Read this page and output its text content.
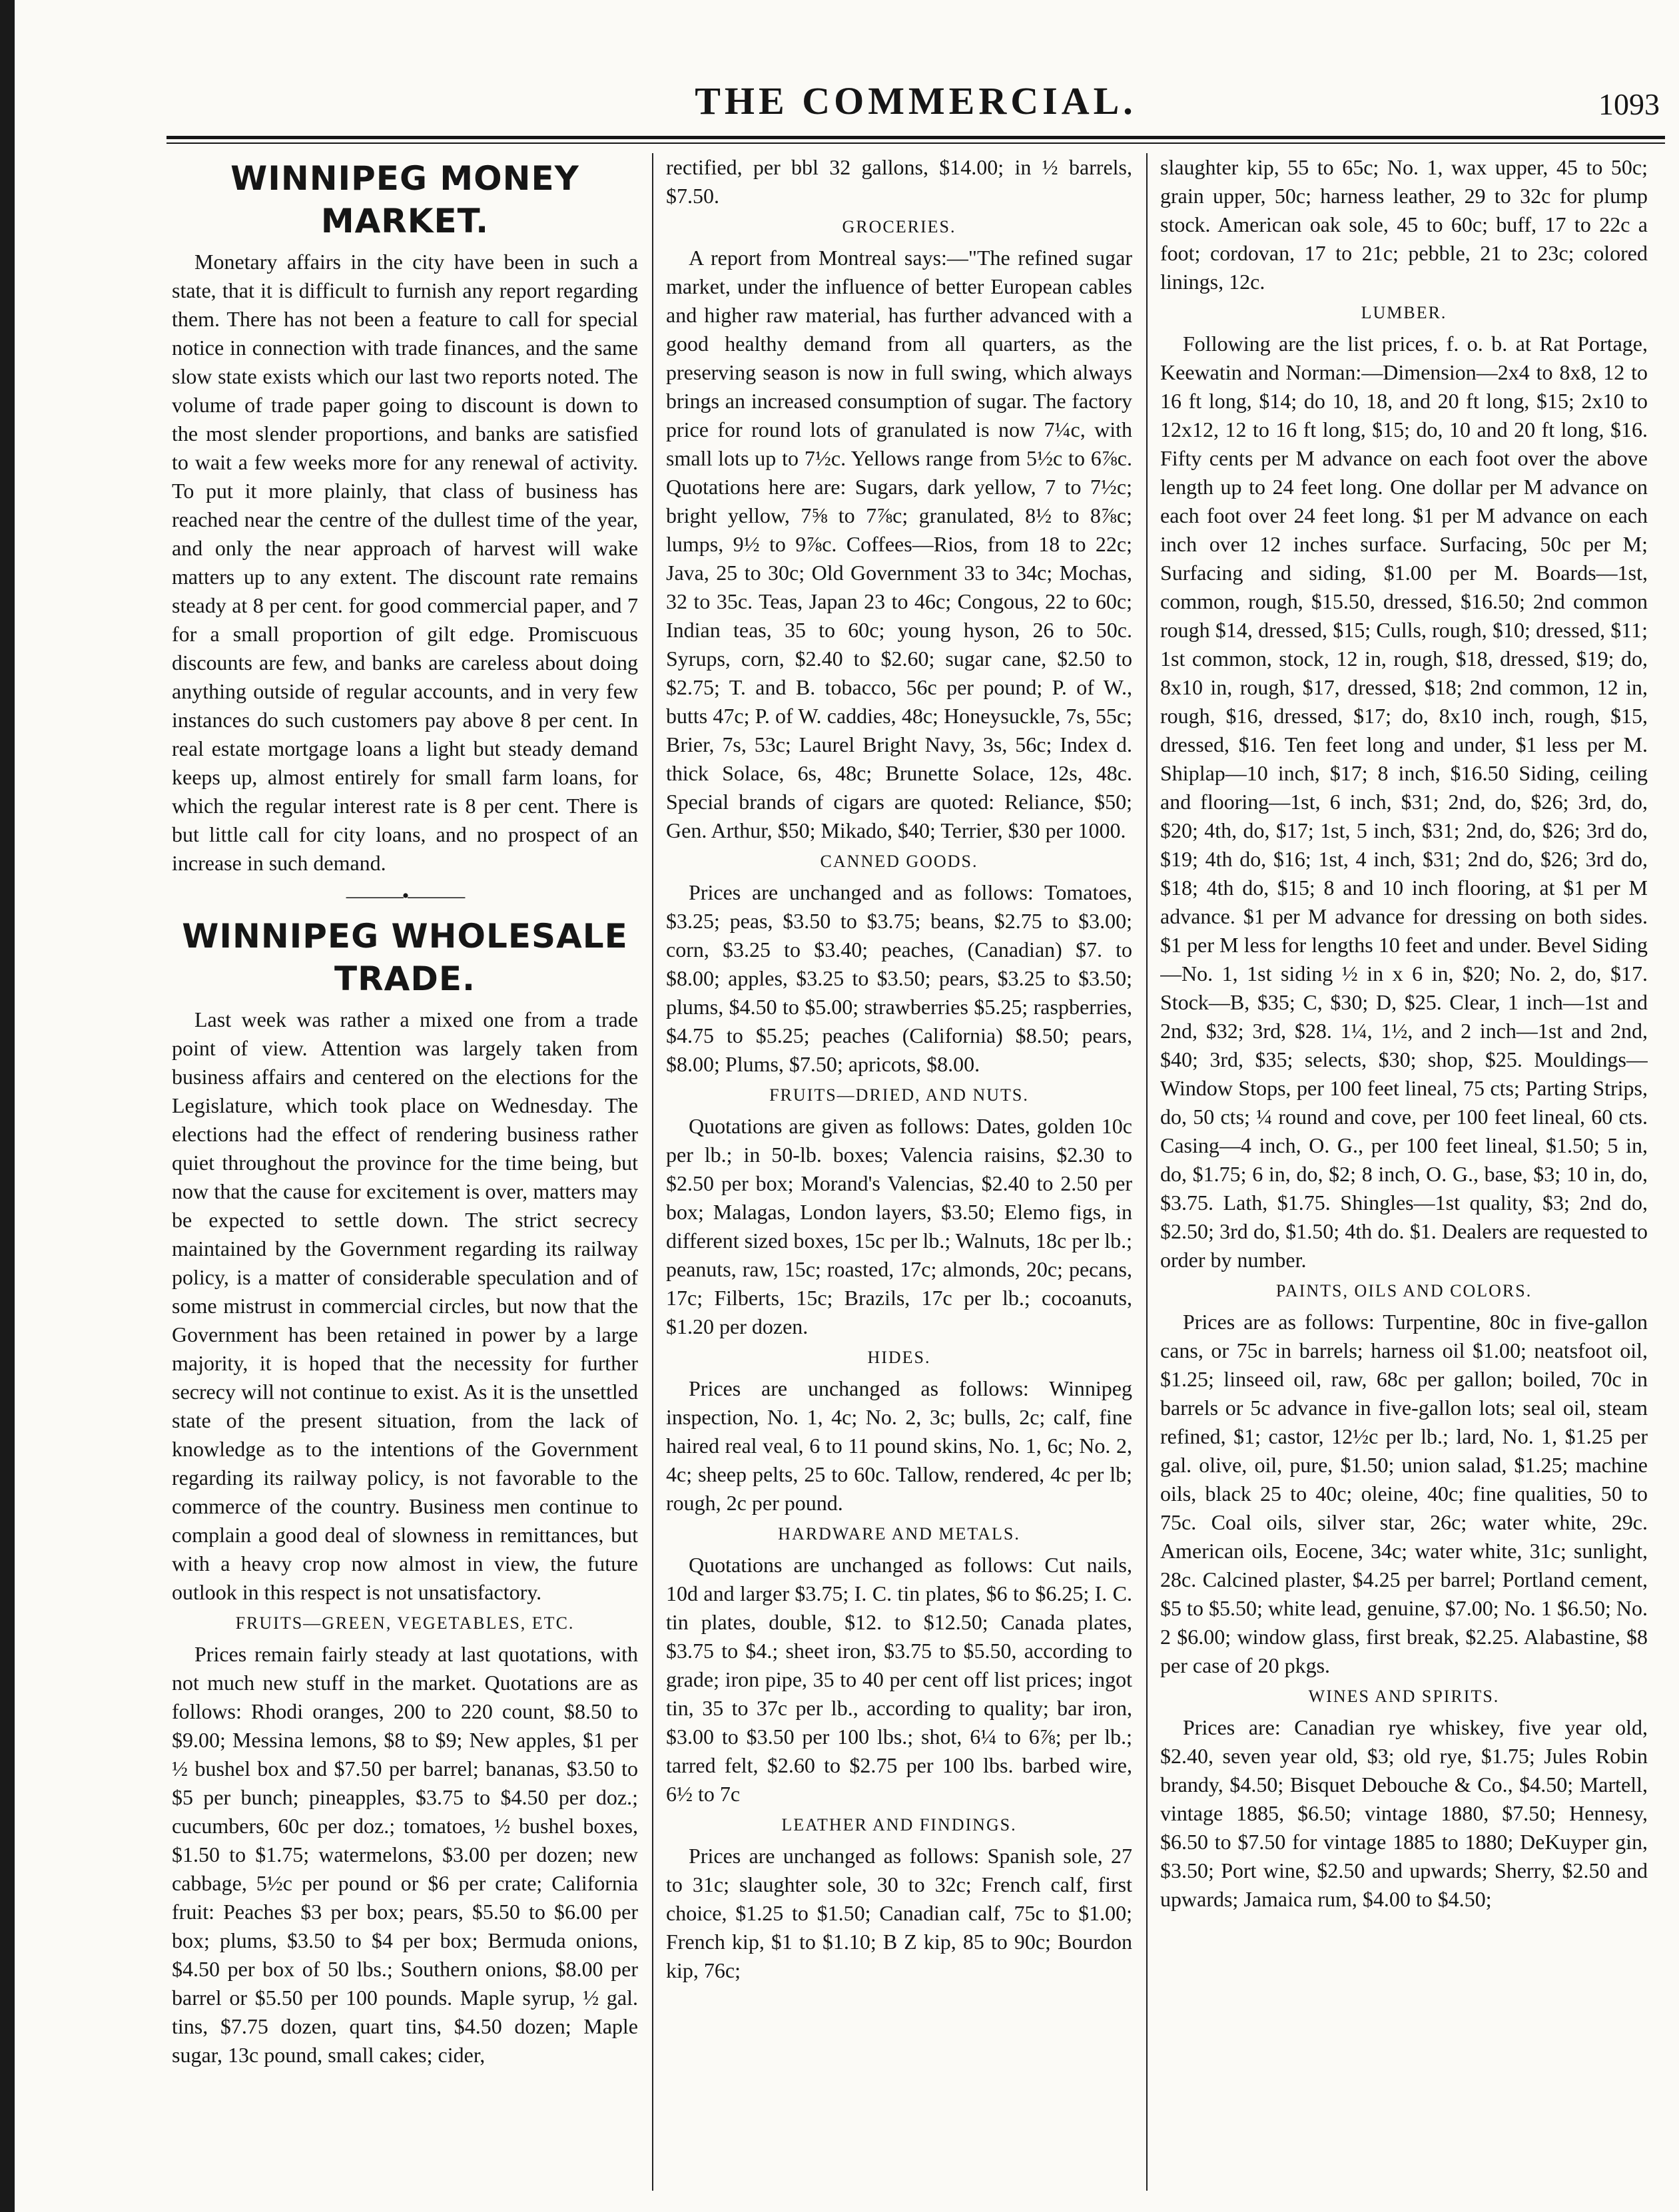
THE COMMERCIAL.	1093
WINNIPEG MONEY MARKET.

Monetary affairs in the city have been in such a state, that it is difficult to furnish any report regarding them. There has not been a feature to call for special notice in connection with trade finances, and the same slow state exists which our last two reports noted. The volume of trade paper going to discount is down to the most slender proportions, and banks are satisfied to wait a few weeks more for any renewal of activity. To put it more plainly, that class of business has reached near the centre of the dullest time of the year, and only the near approach of harvest will wake matters up to any extent. The discount rate remains steady at 8 per cent. for good commercial paper, and 7 for a small proportion of gilt edge. Promiscuous discounts are few, and banks are careless about doing anything outside of regular accounts, and in very few instances do such customers pay above 8 per cent. In real estate mortgage loans a light but steady demand keeps up, almost entirely for small farm loans, for which the regular interest rate is 8 per cent. There is but little call for city loans, and no prospect of an increase in such demand.

———•———
WINNIPEG WHOLESALE TRADE.

Last week was rather a mixed one from a trade point of view. Attention was largely taken from business affairs and centered on the elections for the Legislature, which took place on Wednesday. The elections had the effect of rendering business rather quiet throughout the province for the time being, but now that the cause for excitement is over, matters may be expected to settle down. The strict secrecy maintained by the Government regarding its railway policy, is a matter of considerable speculation and of some mistrust in commercial circles, but now that the Government has been retained in power by a large majority, it is hoped that the necessity for further secrecy will not continue to exist. As it is the unsettled state of the present situation, from the lack of knowledge as to the intentions of the Government regarding its railway policy, is not favorable to the commerce of the country. Business men continue to complain a good deal of slowness in remittances, but with a heavy crop now almost in view, the future outlook in this respect is not unsatisfactory.

FRUITS—GREEN, VEGETABLES, ETC.

Prices remain fairly steady at last quotations, with not much new stuff in the market. Quotations are as follows: Rhodi oranges, 200 to 220 count, $8.50 to $9.00; Messina lemons, $8 to $9; New apples, $1 per ½ bushel box and $7.50 per barrel; bananas, $3.50 to $5 per bunch; pineapples, $3.75 to $4.50 per doz.; cucumbers, 60c per doz.; tomatoes, ½ bushel boxes, $1.50 to $1.75; watermelons, $3.00 per dozen; new cabbage, 5½c per pound or $6 per crate; California fruit: Peaches $3 per box; pears, $5.50 to $6.00 per box; plums, $3.50 to $4 per box; Bermuda onions, $4.50 per box of 50 lbs.; Southern onions, $8.00 per barrel or $5.50 per 100 pounds. Maple syrup, ½ gal. tins, $7.75 dozen, quart tins, $4.50 dozen; Maple sugar, 13c pound, small cakes; cider,

rectified, per bbl 32 gallons, $14.00; in ½ barrels, $7.50.

GROCERIES.

A report from Montreal says:—"The refined sugar market, under the influence of better European cables and higher raw material, has further advanced with a good healthy demand from all quarters, as the preserving season is now in full swing, which always brings an increased consumption of sugar. The factory price for round lots of granulated is now 7¼c, with small lots up to 7½c. Yellows range from 5½c to 6⅞c. Quotations here are: Sugars, dark yellow, 7 to 7½c; bright yellow, 7⅝ to 7⅞c; granulated, 8½ to 8⅞c; lumps, 9½ to 9⅞c. Coffees—Rios, from 18 to 22c; Java, 25 to 30c; Old Government 33 to 34c; Mochas, 32 to 35c. Teas, Japan 23 to 46c; Congous, 22 to 60c; Indian teas, 35 to 60c; young hyson, 26 to 50c. Syrups, corn, $2.40 to $2.60; sugar cane, $2.50 to $2.75; T. and B. tobacco, 56c per pound; P. of W., butts 47c; P. of W. caddies, 48c; Honeysuckle, 7s, 55c; Brier, 7s, 53c; Laurel Bright Navy, 3s, 56c; Index d. thick Solace, 6s, 48c; Brunette Solace, 12s, 48c. Special brands of cigars are quoted: Reliance, $50; Gen. Arthur, $50; Mikado, $40; Terrier, $30 per 1000.

CANNED GOODS.

Prices are unchanged and as follows: Tomatoes, $3.25; peas, $3.50 to $3.75; beans, $2.75 to $3.00; corn, $3.25 to $3.40; peaches, (Canadian) $7. to $8.00; apples, $3.25 to $3.50; pears, $3.25 to $3.50; plums, $4.50 to $5.00; strawberries $5.25; raspberries, $4.75 to $5.25; peaches (California) $8.50; pears, $8.00; Plums, $7.50; apricots, $8.00.

FRUITS—DRIED, AND NUTS.

Quotations are given as follows: Dates, golden 10c per lb.; in 50-lb. boxes; Valencia raisins, $2.30 to $2.50 per box; Morand's Valencias, $2.40 to 2.50 per box; Malagas, London layers, $3.50; Elemo figs, in different sized boxes, 15c per lb.; Walnuts, 18c per lb.; peanuts, raw, 15c; roasted, 17c; almonds, 20c; pecans, 17c; Filberts, 15c; Brazils, 17c per lb.; cocoanuts, $1.20 per dozen.

HIDES.

Prices are unchanged as follows: Winnipeg inspection, No. 1, 4c; No. 2, 3c; bulls, 2c; calf, fine haired real veal, 6 to 11 pound skins, No. 1, 6c; No. 2, 4c; sheep pelts, 25 to 60c. Tallow, rendered, 4c per lb; rough, 2c per pound.

HARDWARE AND METALS.

Quotations are unchanged as follows: Cut nails, 10d and larger $3.75; I. C. tin plates, $6 to $6.25; I. C. tin plates, double, $12. to $12.50; Canada plates, $3.75 to $4.; sheet iron, $3.75 to $5.50, according to grade; iron pipe, 35 to 40 per cent off list prices; ingot tin, 35 to 37c per lb., according to quality; bar iron, $3.00 to $3.50 per 100 lbs.; shot, 6¼ to 6⅞; per lb.; tarred felt, $2.60 to $2.75 per 100 lbs. barbed wire, 6½ to 7c

LEATHER AND FINDINGS.

Prices are unchanged as follows: Spanish sole, 27 to 31c; slaughter sole, 30 to 32c; French calf, first choice, $1.25 to $1.50; Canadian calf, 75c to $1.00; French kip, $1 to $1.10; B Z kip, 85 to 90c; Bourdon kip, 76c;

slaughter kip, 55 to 65c; No. 1, wax upper, 45 to 50c; grain upper, 50c; harness leather, 29 to 32c for plump stock. American oak sole, 45 to 60c; buff, 17 to 22c a foot; cordovan, 17 to 21c; pebble, 21 to 23c; colored linings, 12c.

LUMBER.

Following are the list prices, f. o. b. at Rat Portage, Keewatin and Norman:—Dimension—2x4 to 8x8, 12 to 16 ft long, $14; do 10, 18, and 20 ft long, $15; 2x10 to 12x12, 12 to 16 ft long, $15; do, 10 and 20 ft long, $16. Fifty cents per M advance on each foot over the above length up to 24 feet long. One dollar per M advance on each foot over 24 feet long. $1 per M advance on each inch over 12 inches surface. Surfacing, 50c per M; Surfacing and siding, $1.00 per M. Boards—1st, common, rough, $15.50, dressed, $16.50; 2nd common rough $14, dressed, $15; Culls, rough, $10; dressed, $11; 1st common, stock, 12 in, rough, $18, dressed, $19; do, 8x10 in, rough, $17, dressed, $18; 2nd common, 12 in, rough, $16, dressed, $17; do, 8x10 inch, rough, $15, dressed, $16. Ten feet long and under, $1 less per M. Shiplap—10 inch, $17; 8 inch, $16.50 Siding, ceiling and flooring—1st, 6 inch, $31; 2nd, do, $26; 3rd, do, $20; 4th, do, $17; 1st, 5 inch, $31; 2nd, do, $26; 3rd do, $19; 4th do, $16; 1st, 4 inch, $31; 2nd do, $26; 3rd do, $18; 4th do, $15; 8 and 10 inch flooring, at $1 per M advance. $1 per M advance for dressing on both sides. $1 per M less for lengths 10 feet and under. Bevel Siding—No. 1, 1st siding ½ in x 6 in, $20; No. 2, do, $17. Stock—B, $35; C, $30; D, $25. Clear, 1 inch—1st and 2nd, $32; 3rd, $28. 1¼, 1½, and 2 inch—1st and 2nd, $40; 3rd, $35; selects, $30; shop, $25. Mouldings—Window Stops, per 100 feet lineal, 75 cts; Parting Strips, do, 50 cts; ¼ round and cove, per 100 feet lineal, 60 cts. Casing—4 inch, O. G., per 100 feet lineal, $1.50; 5 in, do, $1.75; 6 in, do, $2; 8 inch, O. G., base, $3; 10 in, do, $3.75. Lath, $1.75. Shingles—1st quality, $3; 2nd do, $2.50; 3rd do, $1.50; 4th do. $1. Dealers are requested to order by number.

PAINTS, OILS AND COLORS.

Prices are as follows: Turpentine, 80c in five-gallon cans, or 75c in barrels; harness oil $1.00; neatsfoot oil, $1.25; linseed oil, raw, 68c per gallon; boiled, 70c in barrels or 5c advance in five-gallon lots; seal oil, steam refined, $1; castor, 12½c per lb.; lard, No. 1, $1.25 per gal. olive, oil, pure, $1.50; union salad, $1.25; machine oils, black 25 to 40c; oleine, 40c; fine qualities, 50 to 75c. Coal oils, silver star, 26c; water white, 29c. American oils, Eocene, 34c; water white, 31c; sunlight, 28c. Calcined plaster, $4.25 per barrel; Portland cement, $5 to $5.50; white lead, genuine, $7.00; No. 1 $6.50; No. 2 $6.00; window glass, first break, $2.25. Alabastine, $8 per case of 20 pkgs.

WINES AND SPIRITS.

Prices are: Canadian rye whiskey, five year old, $2.40, seven year old, $3; old rye, $1.75; Jules Robin brandy, $4.50; Bisquet Debouche & Co., $4.50; Martell, vintage 1885, $6.50; vintage 1880, $7.50; Hennesy, $6.50 to $7.50 for vintage 1885 to 1880; DeKuyper gin, $3.50; Port wine, $2.50 and upwards; Sherry, $2.50 and upwards; Jamaica rum, $4.00 to $4.50;
